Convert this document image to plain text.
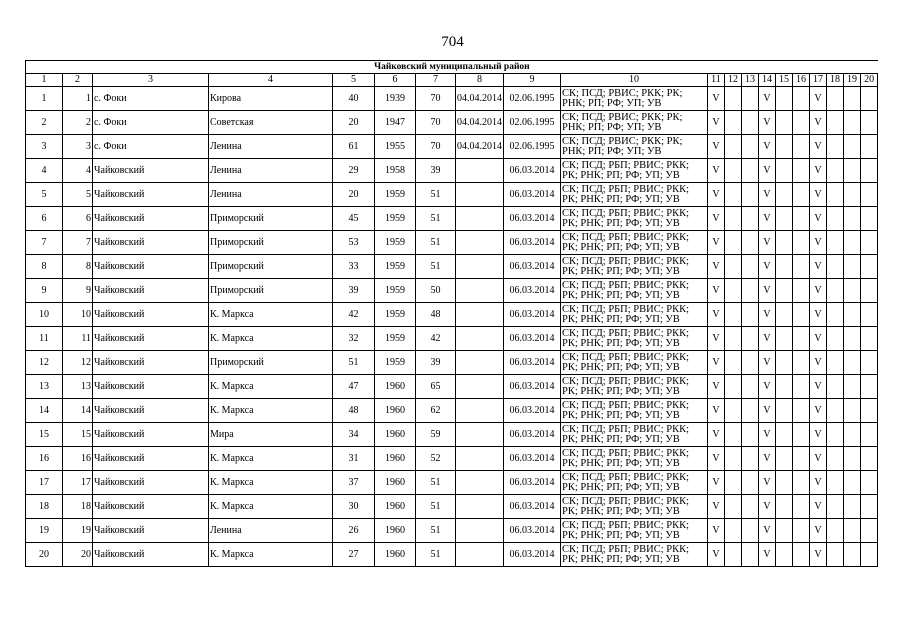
704
Чайковский муниципальный район																			
1	2	3	4	5	6	7	8	9	10	11	12	13	14	15	16	17	18	19	20
1	1	с. Фоки	Кирова	40	1939	70	04.04.2014	02.06.1995	СК; ПСД; РВИС; РКК; РК; РНК; РП; РФ; УП; УВ	V			V			V			
2	2	с. Фоки	Советская	20	1947	70	04.04.2014	02.06.1995	СК; ПСД; РВИС; РКК; РК; РНК; РП; РФ; УП; УВ	V			V			V			
3	3	с. Фоки	Ленина	61	1955	70	04.04.2014	02.06.1995	СК; ПСД; РВИС; РКК; РК; РНК; РП; РФ; УП; УВ	V			V			V			
4	4	Чайковский	Ленина	29	1958	39		06.03.2014	СК; ПСД; РБП; РВИС; РКК; РК; РНК; РП; РФ; УП; УВ	V			V			V			
5	5	Чайковский	Ленина	20	1959	51		06.03.2014	СК; ПСД; РБП; РВИС; РКК; РК; РНК; РП; РФ; УП; УВ	V			V			V			
6	6	Чайковский	Приморский	45	1959	51		06.03.2014	СК; ПСД; РБП; РВИС; РКК; РК; РНК; РП; РФ; УП; УВ	V			V			V			
7	7	Чайковский	Приморский	53	1959	51		06.03.2014	СК; ПСД; РБП; РВИС; РКК; РК; РНК; РП; РФ; УП; УВ	V			V			V			
8	8	Чайковский	Приморский	33	1959	51		06.03.2014	СК; ПСД; РБП; РВИС; РКК; РК; РНК; РП; РФ; УП; УВ	V			V			V			
9	9	Чайковский	Приморский	39	1959	50		06.03.2014	СК; ПСД; РБП; РВИС; РКК; РК; РНК; РП; РФ; УП; УВ	V			V			V			
10	10	Чайковский	К. Маркса	42	1959	48		06.03.2014	СК; ПСД; РБП; РВИС; РКК; РК; РНК; РП; РФ; УП; УВ	V			V			V			
11	11	Чайковский	К. Маркса	32	1959	42		06.03.2014	СК; ПСД; РБП; РВИС; РКК; РК; РНК; РП; РФ; УП; УВ	V			V			V			
12	12	Чайковский	Приморский	51	1959	39		06.03.2014	СК; ПСД; РБП; РВИС; РКК; РК; РНК; РП; РФ; УП; УВ	V			V			V			
13	13	Чайковский	К. Маркса	47	1960	65		06.03.2014	СК; ПСД; РБП; РВИС; РКК; РК; РНК; РП; РФ; УП; УВ	V			V			V			
14	14	Чайковский	К. Маркса	48	1960	62		06.03.2014	СК; ПСД; РБП; РВИС; РКК; РК; РНК; РП; РФ; УП; УВ	V			V			V			
15	15	Чайковский	Мира	34	1960	59		06.03.2014	СК; ПСД; РБП; РВИС; РКК; РК; РНК; РП; РФ; УП; УВ	V			V			V			
16	16	Чайковский	К. Маркса	31	1960	52		06.03.2014	СК; ПСД; РБП; РВИС; РКК; РК; РНК; РП; РФ; УП; УВ	V			V			V			
17	17	Чайковский	К. Маркса	37	1960	51		06.03.2014	СК; ПСД; РБП; РВИС; РКК; РК; РНК; РП; РФ; УП; УВ	V			V			V			
18	18	Чайковский	К. Маркса	30	1960	51		06.03.2014	СК; ПСД; РБП; РВИС; РКК; РК; РНК; РП; РФ; УП; УВ	V			V			V			
19	19	Чайковский	Ленина	26	1960	51		06.03.2014	СК; ПСД; РБП; РВИС; РКК; РК; РНК; РП; РФ; УП; УВ	V			V			V			
20	20	Чайковский	К. Маркса	27	1960	51		06.03.2014	СК; ПСД; РБП; РВИС; РКК; РК; РНК; РП; РФ; УП; УВ	V			V			V			
